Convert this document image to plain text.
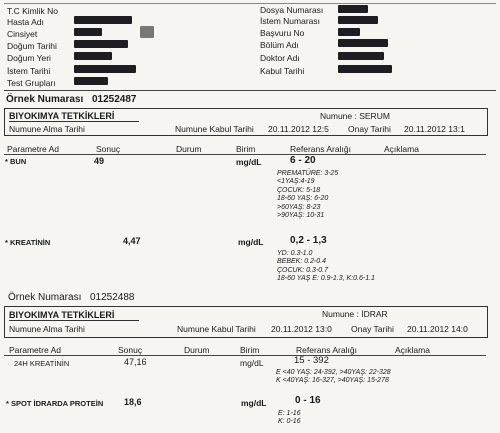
T.C Kimlik No
Hasta Adı
Cinsiyet
Doğum Tarihi
Doğum Yeri
İstem Tarihi
Test Grupları
Dosya Numarası
İstem Numarası
Başvuru No
Bölüm Adı
Doktor Adı
Kabul Tarihi
Örnek Numarası 01252487
BIYOKIMYA TETKİKLERİ	Numune : SERUM
Numune Alma Tarihi	Numune Kabul Tarihi 20.11.2012 12:5 Onay Tarihi 20.11.2012 13:1
Parametre Ad	Sonuç	Durum	Birim	Referans Aralığı	Açıklama
* BUN	49	mg/dL	6 - 20
PREMATÜRE: 3-25
<1YAŞ:4-19
ÇOCUK: 5-18
18-60 YAŞ: 6-20
>60YAŞ: 8-23
>90YAŞ: 10-31
* KREATİNİN	4,47	mg/dL	0,2 - 1,3
YD: 0.3-1.0
BEBEK: 0.2-0.4
ÇOCUK: 0.3-0.7
18-60 YAŞ E: 0.9-1.3, K:0.6-1.1
Örnek Numarası 01252488
BIYOKIMYA TETKİKLERİ	Numune : İDRAR
Numune Alma Tarihi	Numune Kabul Tarihi 20.11.2012 13:0 Onay Tarihi 20.11.2012 14:0
Parametre Ad	Sonuç	Durum	Birim	Referans Aralığı	Açıklama
24H KREATİNİN	47,16	mg/dL	15 - 392
E <40 YAŞ: 24-392, >40YAŞ: 22-328
K <40YAŞ: 16-327, >40YAŞ: 15-278
* SPOT İDRARDA PROTEİN 18,6	mg/dL	0 - 16
E: 1-16
K: 0-16
